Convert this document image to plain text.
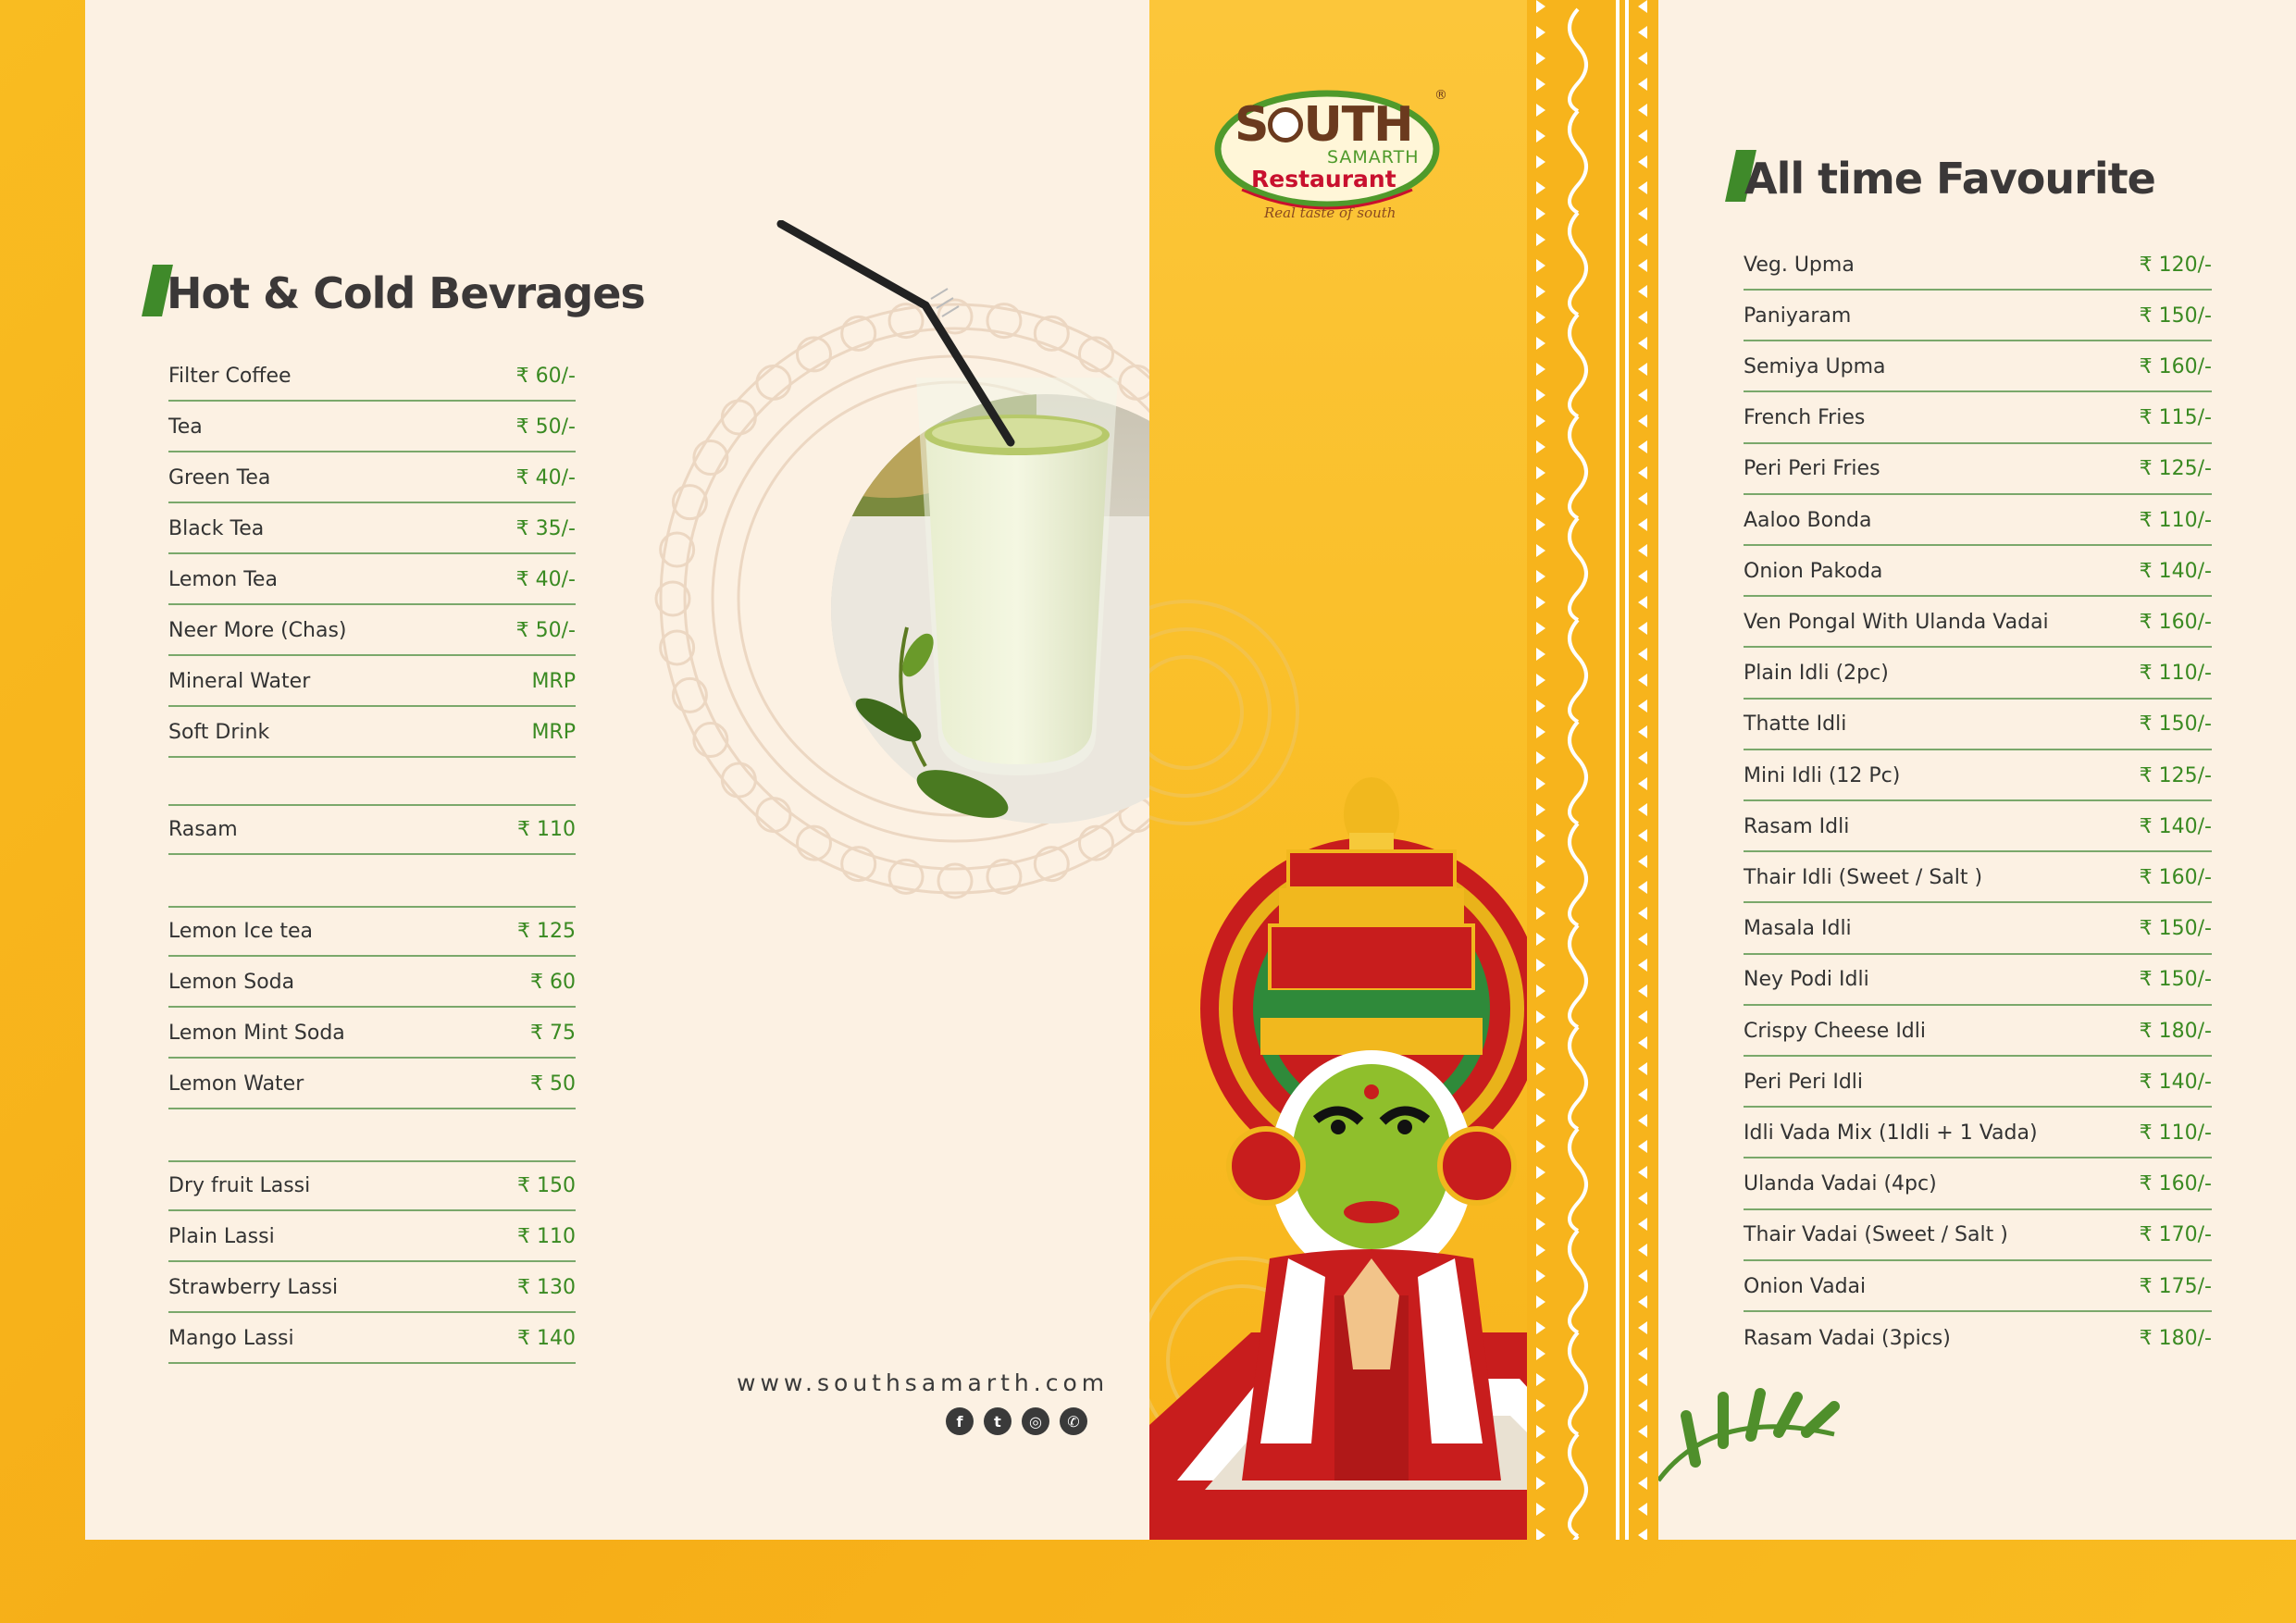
Hot & Cold Bevrages
Filter Coffee	₹ 60/-
Tea	₹ 50/-
Green Tea	₹ 40/-
Black Tea	₹ 35/-
Lemon Tea	₹ 40/-
Neer More (Chas)	₹ 50/-
Mineral Water	MRP
Soft Drink	MRP
Rasam	₹ 110
Lemon Ice tea	₹ 125
Lemon Soda	₹ 60
Lemon Mint Soda	₹ 75
Lemon Water	₹ 50
Dry fruit Lassi	₹ 150
Plain Lassi	₹ 110
Strawberry Lassi	₹ 130
Mango Lassi	₹ 140
www.southsamarth.com
f	t	◎	✆
S UTH
SAMARTH
Restaurant
Real taste of south
®
All time Favourite
Veg. Upma	₹ 120/-
Paniyaram	₹ 150/-
Semiya Upma	₹ 160/-
French Fries	₹ 115/-
Peri Peri Fries	₹ 125/-
Aaloo Bonda	₹ 110/-
Onion Pakoda	₹ 140/-
Ven Pongal With Ulanda Vadai	₹ 160/-
Plain Idli (2pc)	₹ 110/-
Thatte Idli	₹ 150/-
Mini Idli (12 Pc)	₹ 125/-
Rasam Idli	₹ 140/-
Thair Idli (Sweet / Salt )	₹ 160/-
Masala Idli	₹ 150/-
Ney Podi Idli	₹ 150/-
Crispy Cheese Idli	₹ 180/-
Peri Peri Idli	₹ 140/-
Idli Vada Mix (1Idli + 1 Vada)	₹ 110/-
Ulanda Vadai (4pc)	₹ 160/-
Thair Vadai (Sweet / Salt )	₹ 170/-
Onion Vadai	₹ 175/-
Rasam Vadai (3pics)	₹ 180/-
